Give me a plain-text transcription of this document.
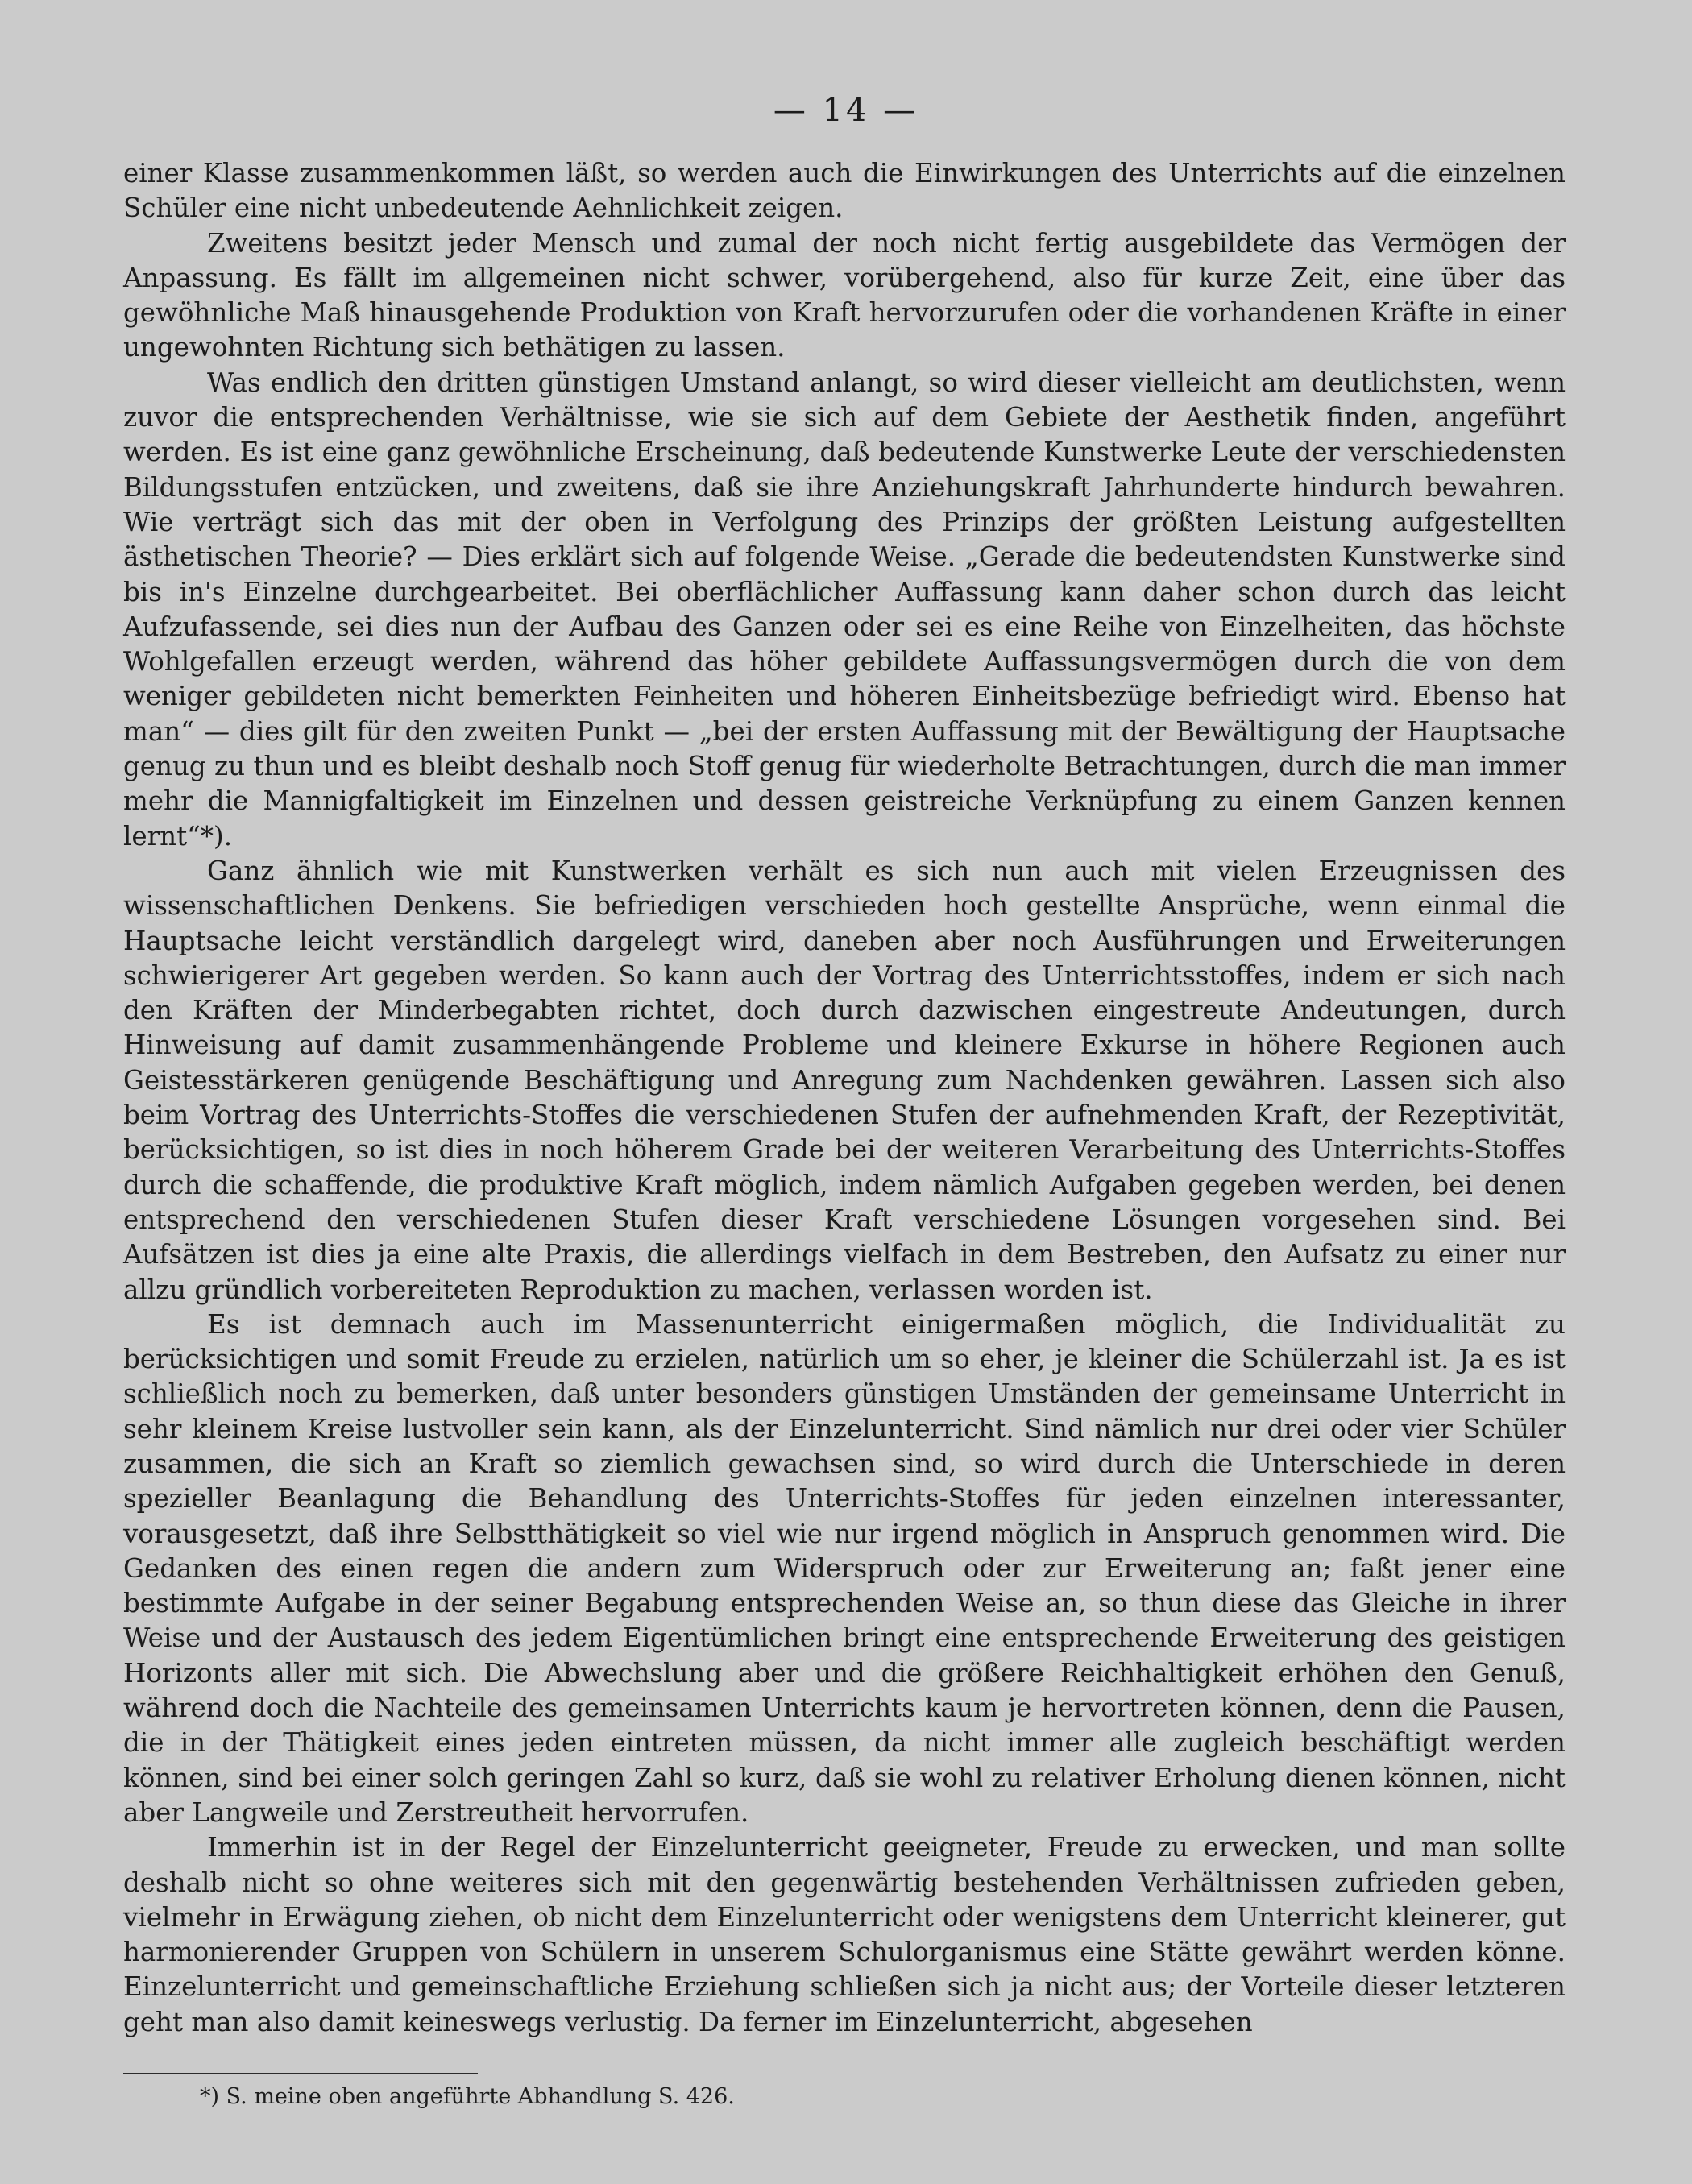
— 14 —

einer Klasse zusammenkommen läßt, so werden auch die Einwirkungen des Unterrichts auf die einzelnen Schüler eine nicht unbedeutende Aehnlichkeit zeigen.

Zweitens besitzt jeder Mensch und zumal der noch nicht fertig ausgebildete das Vermögen der Anpassung. Es fällt im allgemeinen nicht schwer, vorübergehend, also für kurze Zeit, eine über das gewöhnliche Maß hinausgehende Produktion von Kraft hervorzurufen oder die vorhandenen Kräfte in einer ungewohnten Richtung sich bethätigen zu lassen.

Was endlich den dritten günstigen Umstand anlangt, so wird dieser vielleicht am deutlichsten, wenn zuvor die entsprechenden Verhältnisse, wie sie sich auf dem Gebiete der Aesthetik finden, angeführt werden. Es ist eine ganz gewöhnliche Erscheinung, daß bedeutende Kunstwerke Leute der verschiedensten Bildungsstufen entzücken, und zweitens, daß sie ihre Anziehungskraft Jahrhunderte hindurch bewahren. Wie verträgt sich das mit der oben in Verfolgung des Prinzips der größten Leistung aufgestellten ästhetischen Theorie? — Dies erklärt sich auf folgende Weise. „Gerade die bedeutendsten Kunstwerke sind bis in's Einzelne durchgearbeitet. Bei oberflächlicher Auffassung kann daher schon durch das leicht Aufzufassende, sei dies nun der Aufbau des Ganzen oder sei es eine Reihe von Einzelheiten, das höchste Wohlgefallen erzeugt werden, während das höher gebildete Auffassungsvermögen durch die von dem weniger gebildeten nicht bemerkten Feinheiten und höheren Einheitsbezüge befriedigt wird. Ebenso hat man“ — dies gilt für den zweiten Punkt — „bei der ersten Auffassung mit der Bewältigung der Hauptsache genug zu thun und es bleibt deshalb noch Stoff genug für wiederholte Betrachtungen, durch die man immer mehr die Mannigfaltigkeit im Einzelnen und dessen geistreiche Verknüpfung zu einem Ganzen kennen lernt“*).

Ganz ähnlich wie mit Kunstwerken verhält es sich nun auch mit vielen Erzeugnissen des wissenschaftlichen Denkens. Sie befriedigen verschieden hoch gestellte Ansprüche, wenn einmal die Hauptsache leicht verständlich dargelegt wird, daneben aber noch Ausführungen und Erweiterungen schwierigerer Art gegeben werden. So kann auch der Vortrag des Unterrichtsstoffes, indem er sich nach den Kräften der Minderbegabten richtet, doch durch dazwischen eingestreute Andeutungen, durch Hinweisung auf damit zusammenhängende Probleme und kleinere Exkurse in höhere Regionen auch Geistesstärkeren genügende Beschäftigung und Anregung zum Nachdenken gewähren. Lassen sich also beim Vortrag des Unterrichts-Stoffes die verschiedenen Stufen der aufnehmenden Kraft, der Rezeptivität, berücksichtigen, so ist dies in noch höherem Grade bei der weiteren Verarbeitung des Unterrichts-Stoffes durch die schaffende, die produktive Kraft möglich, indem nämlich Aufgaben gegeben werden, bei denen entsprechend den verschiedenen Stufen dieser Kraft verschiedene Lösungen vorgesehen sind. Bei Aufsätzen ist dies ja eine alte Praxis, die allerdings vielfach in dem Bestreben, den Aufsatz zu einer nur allzu gründlich vorbereiteten Reproduktion zu machen, verlassen worden ist.

Es ist demnach auch im Massenunterricht einigermaßen möglich, die Individualität zu berücksichtigen und somit Freude zu erzielen, natürlich um so eher, je kleiner die Schülerzahl ist. Ja es ist schließlich noch zu bemerken, daß unter besonders günstigen Umständen der gemeinsame Unterricht in sehr kleinem Kreise lustvoller sein kann, als der Einzelunterricht. Sind nämlich nur drei oder vier Schüler zusammen, die sich an Kraft so ziemlich gewachsen sind, so wird durch die Unterschiede in deren spezieller Beanlagung die Behandlung des Unterrichts-Stoffes für jeden einzelnen interessanter, vorausgesetzt, daß ihre Selbstthätigkeit so viel wie nur irgend möglich in Anspruch genommen wird. Die Gedanken des einen regen die andern zum Widerspruch oder zur Erweiterung an; faßt jener eine bestimmte Aufgabe in der seiner Begabung entsprechenden Weise an, so thun diese das Gleiche in ihrer Weise und der Austausch des jedem Eigentümlichen bringt eine entsprechende Erweiterung des geistigen Horizonts aller mit sich. Die Abwechslung aber und die größere Reichhaltigkeit erhöhen den Genuß, während doch die Nachteile des gemeinsamen Unterrichts kaum je hervortreten können, denn die Pausen, die in der Thätigkeit eines jeden eintreten müssen, da nicht immer alle zugleich beschäftigt werden können, sind bei einer solch geringen Zahl so kurz, daß sie wohl zu relativer Erholung dienen können, nicht aber Langweile und Zerstreutheit hervorrufen.

Immerhin ist in der Regel der Einzelunterricht geeigneter, Freude zu erwecken, und man sollte deshalb nicht so ohne weiteres sich mit den gegenwärtig bestehenden Verhältnissen zufrieden geben, vielmehr in Erwägung ziehen, ob nicht dem Einzelunterricht oder wenigstens dem Unterricht kleinerer, gut harmonierender Gruppen von Schülern in unserem Schulorganismus eine Stätte gewährt werden könne. Einzelunterricht und gemeinschaftliche Erziehung schließen sich ja nicht aus; der Vorteile dieser letzteren geht man also damit keineswegs verlustig. Da ferner im Einzelunterricht, abgesehen

*) S. meine oben angeführte Abhandlung S. 426.
